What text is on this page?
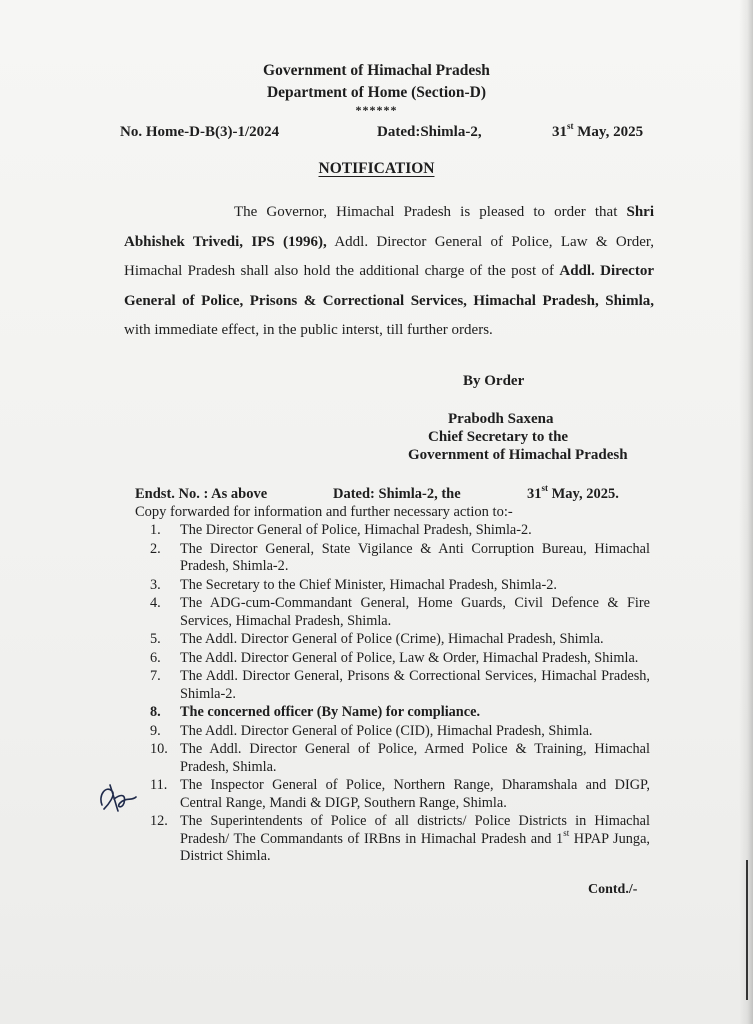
Government of Himachal Pradesh
Department of Home (Section-D)
******
No. Home-D-B(3)-1/2024	Dated:Shimla-2,	31st May, 2025
NOTIFICATION
The Governor, Himachal Pradesh is pleased to order that Shri Abhishek Trivedi, IPS (1996), Addl. Director General of Police, Law & Order, Himachal Pradesh shall also hold the additional charge of the post of Addl. Director General of Police, Prisons & Correctional Services, Himachal Pradesh, Shimla, with immediate effect, in the public interst, till further orders.
By Order
Prabodh Saxena
Chief Secretary to the
Government of Himachal Pradesh
Endst. No. : As above	Dated: Shimla-2, the	31st May, 2025.
Copy forwarded for information and further necessary action to:-
1.	The Director General of Police, Himachal Pradesh, Shimla-2.
2.	The Director General, State Vigilance & Anti Corruption Bureau, Himachal Pradesh, Shimla-2.
3.	The Secretary to the Chief Minister, Himachal Pradesh, Shimla-2.
4.	The ADG-cum-Commandant General, Home Guards, Civil Defence & Fire Services, Himachal Pradesh, Shimla.
5.	The Addl. Director General of Police (Crime), Himachal Pradesh, Shimla.
6.	The Addl. Director General of Police, Law & Order, Himachal Pradesh, Shimla.
7.	The Addl. Director General, Prisons & Correctional Services, Himachal Pradesh, Shimla-2.
8.	The concerned officer (By Name) for compliance.
9.	The Addl. Director General of Police (CID), Himachal Pradesh, Shimla.
10. The Addl. Director General of Police, Armed Police & Training, Himachal Pradesh, Shimla.
11. The Inspector General of Police, Northern Range, Dharamshala and DIGP, Central Range, Mandi & DIGP, Southern Range, Shimla.
12. The Superintendents of Police of all districts/ Police Districts in Himachal Pradesh/ The Commandants of IRBns in Himachal Pradesh and 1st HPAP Junga, District Shimla.
Contd./-
